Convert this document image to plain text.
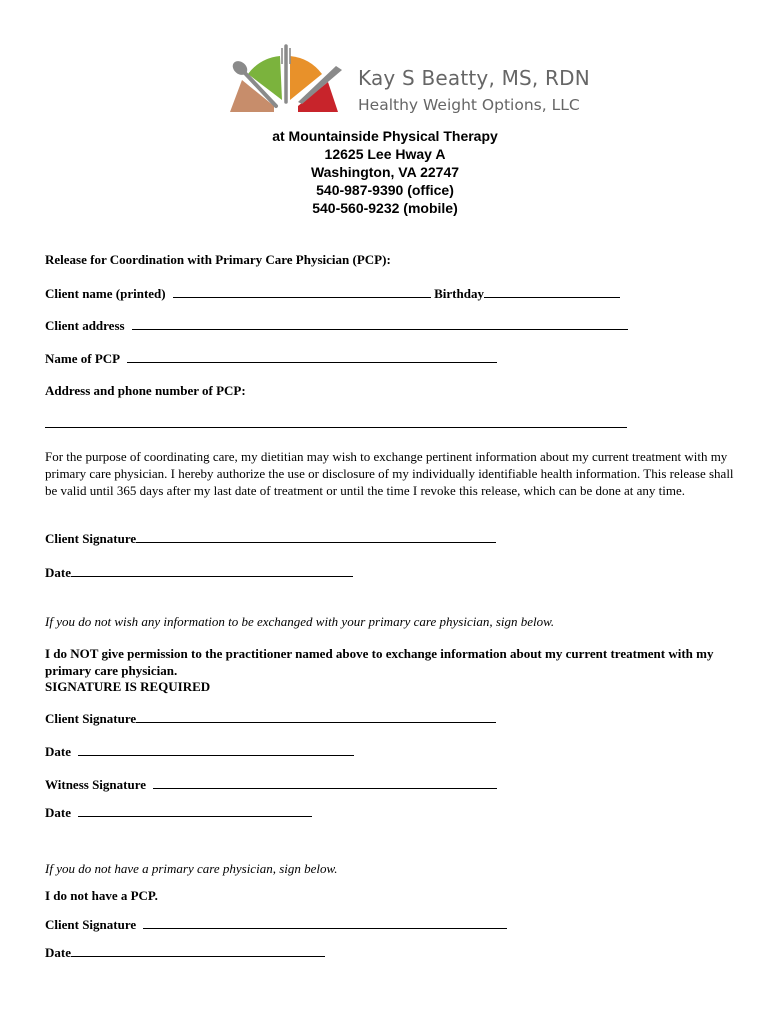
Kay S Beatty, MS, RDN
Healthy Weight Options, LLC
at Mountainside Physical Therapy
12625 Lee Hway A
Washington, VA 22747
540-987-9390 (office)
540-560-9232 (mobile)
Release for Coordination with Primary Care Physician (PCP):
Client name (printed)	Birthday
Client address
Name of PCP
Address and phone number of PCP:
For the purpose of coordinating care, my dietitian may wish to exchange pertinent information about my current treatment with my primary care physician. I hereby authorize the use or disclosure of my individually identifiable health information. This release shall be valid until 365 days after my last date of treatment or until the time I revoke this release, which can be done at any time.
Client Signature
Date
If you do not wish any information to be exchanged with your primary care physician, sign below.
I do NOT give permission to the practitioner named above to exchange information about my current treatment with my primary care physician.
SIGNATURE IS REQUIRED
Client Signature
Date
Witness Signature
Date
If you do not have a primary care physician, sign below.
I do not have a PCP.
Client Signature
Date
